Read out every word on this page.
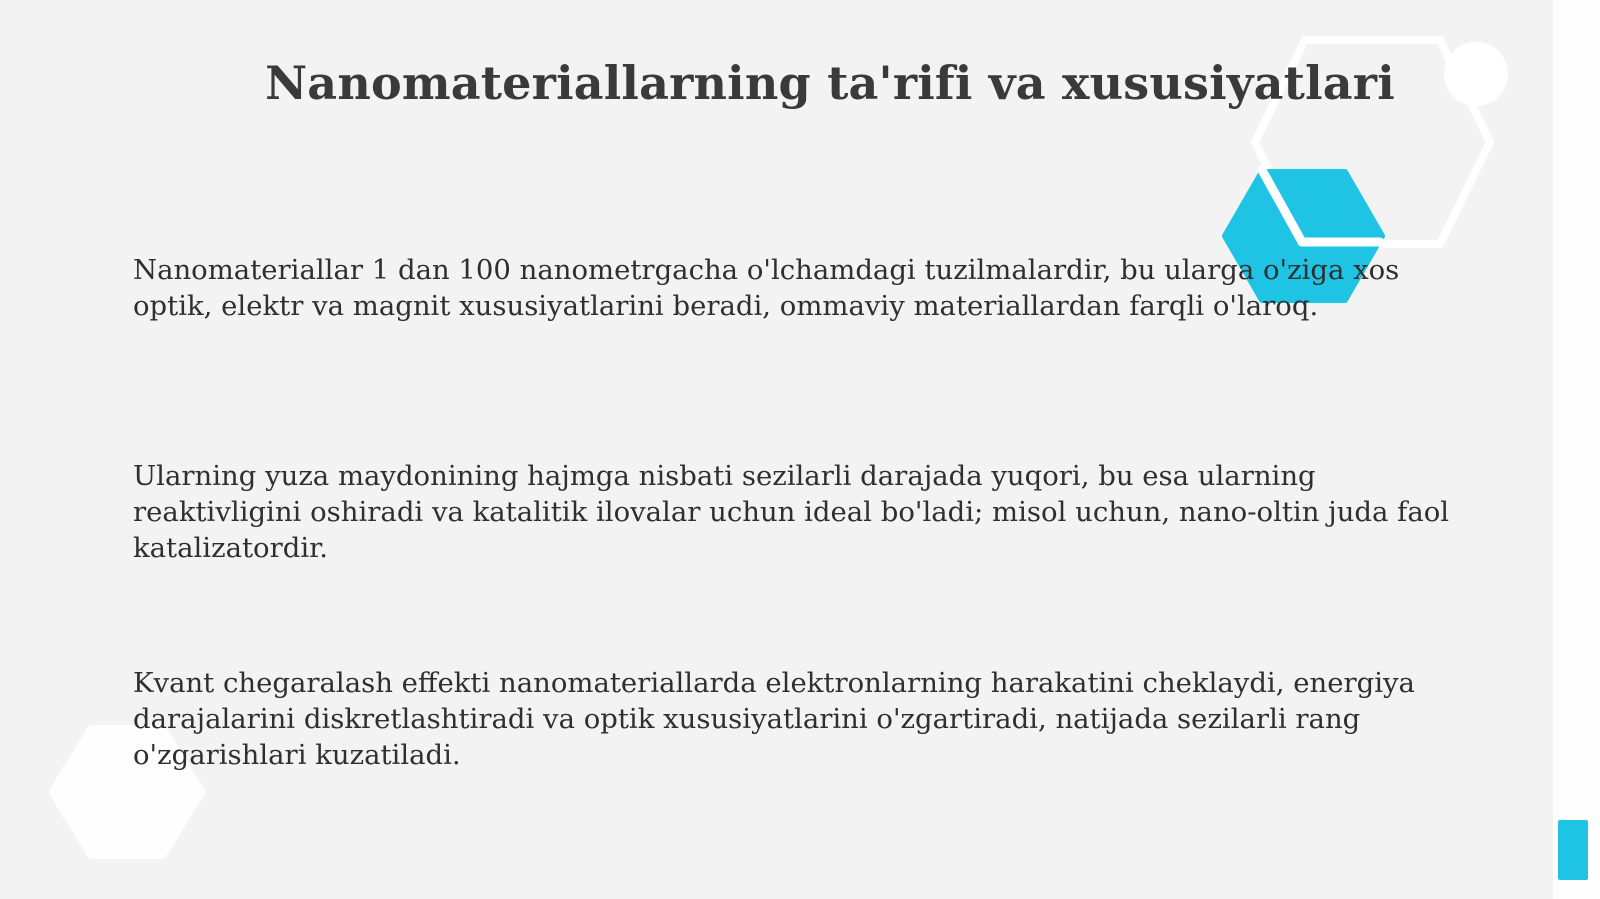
Nanomateriallarning ta'rifi va xususiyatlari

Nanomateriallar 1 dan 100 nanometrgacha o'lchamdagi tuzilmalardir, bu ularga o'ziga xos optik, elektr va magnit xususiyatlarini beradi, ommaviy materiallardan farqli o'laroq.

Ularning yuza maydonining hajmga nisbati sezilarli darajada yuqori, bu esa ularning reaktivligini oshiradi va katalitik ilovalar uchun ideal bo'ladi; misol uchun, nano-oltin juda faol katalizatordir.

Kvant chegaralash effekti nanomateriallarda elektronlarning harakatini cheklaydi, energiya darajalarini diskretlashtiradi va optik xususiyatlarini o'zgartiradi, natijada sezilarli rang o'zgarishlari kuzatiladi.
